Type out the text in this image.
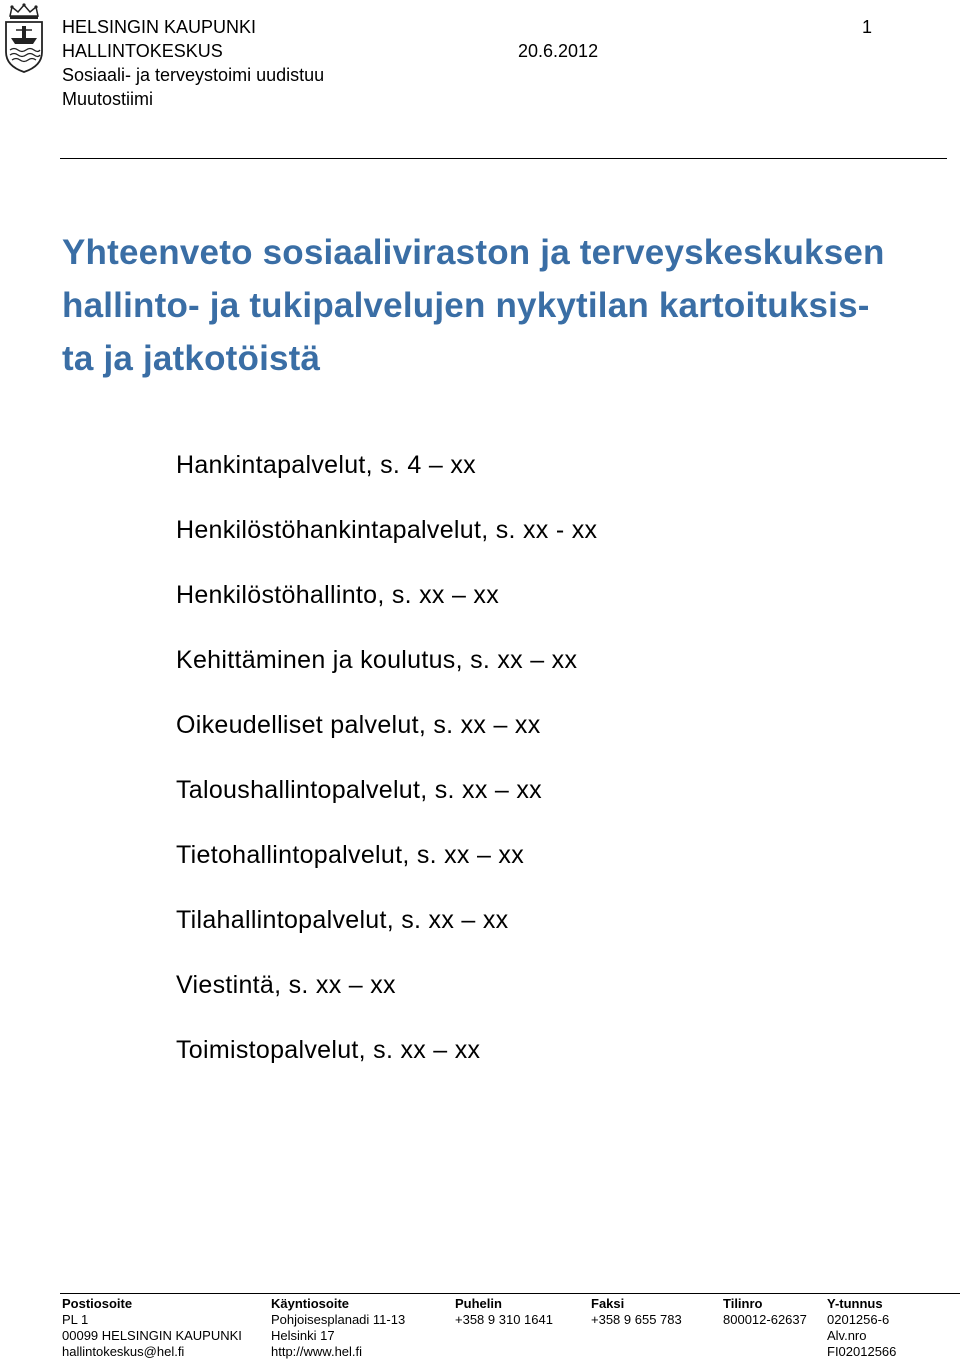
HELSINGIN KAUPUNKI	1
HALLINTOKESKUS	20.6.2012
Sosiaali- ja terveystoimi uudistuu
Muutostiimi
Yhteenveto sosiaaliviraston ja terveyskeskuksen
hallinto- ja tukipalvelujen nykytilan kartoituksis-
ta ja jatkotöistä
Hankintapalvelut, s. 4 – xx
Henkilöstöhankintapalvelut, s. xx - xx
Henkilöstöhallinto, s. xx – xx
Kehittäminen ja koulutus, s. xx – xx
Oikeudelliset palvelut, s. xx – xx
Taloushallintopalvelut, s. xx – xx
Tietohallintopalvelut, s. xx – xx
Tilahallintopalvelut, s. xx – xx
Viestintä, s. xx – xx
Toimistopalvelut, s. xx – xx
Postiosoite
PL 1
00099 HELSINGIN KAUPUNKI
hallintokeskus@hel.fi
Käyntiosoite
Pohjoisesplanadi 11-13
Helsinki 17
http://www.hel.fi
Puhelin
+358 9 310 1641
Faksi
+358 9 655 783
Tilinro
800012-62637
Y-tunnus
0201256-6
Alv.nro
FI02012566
